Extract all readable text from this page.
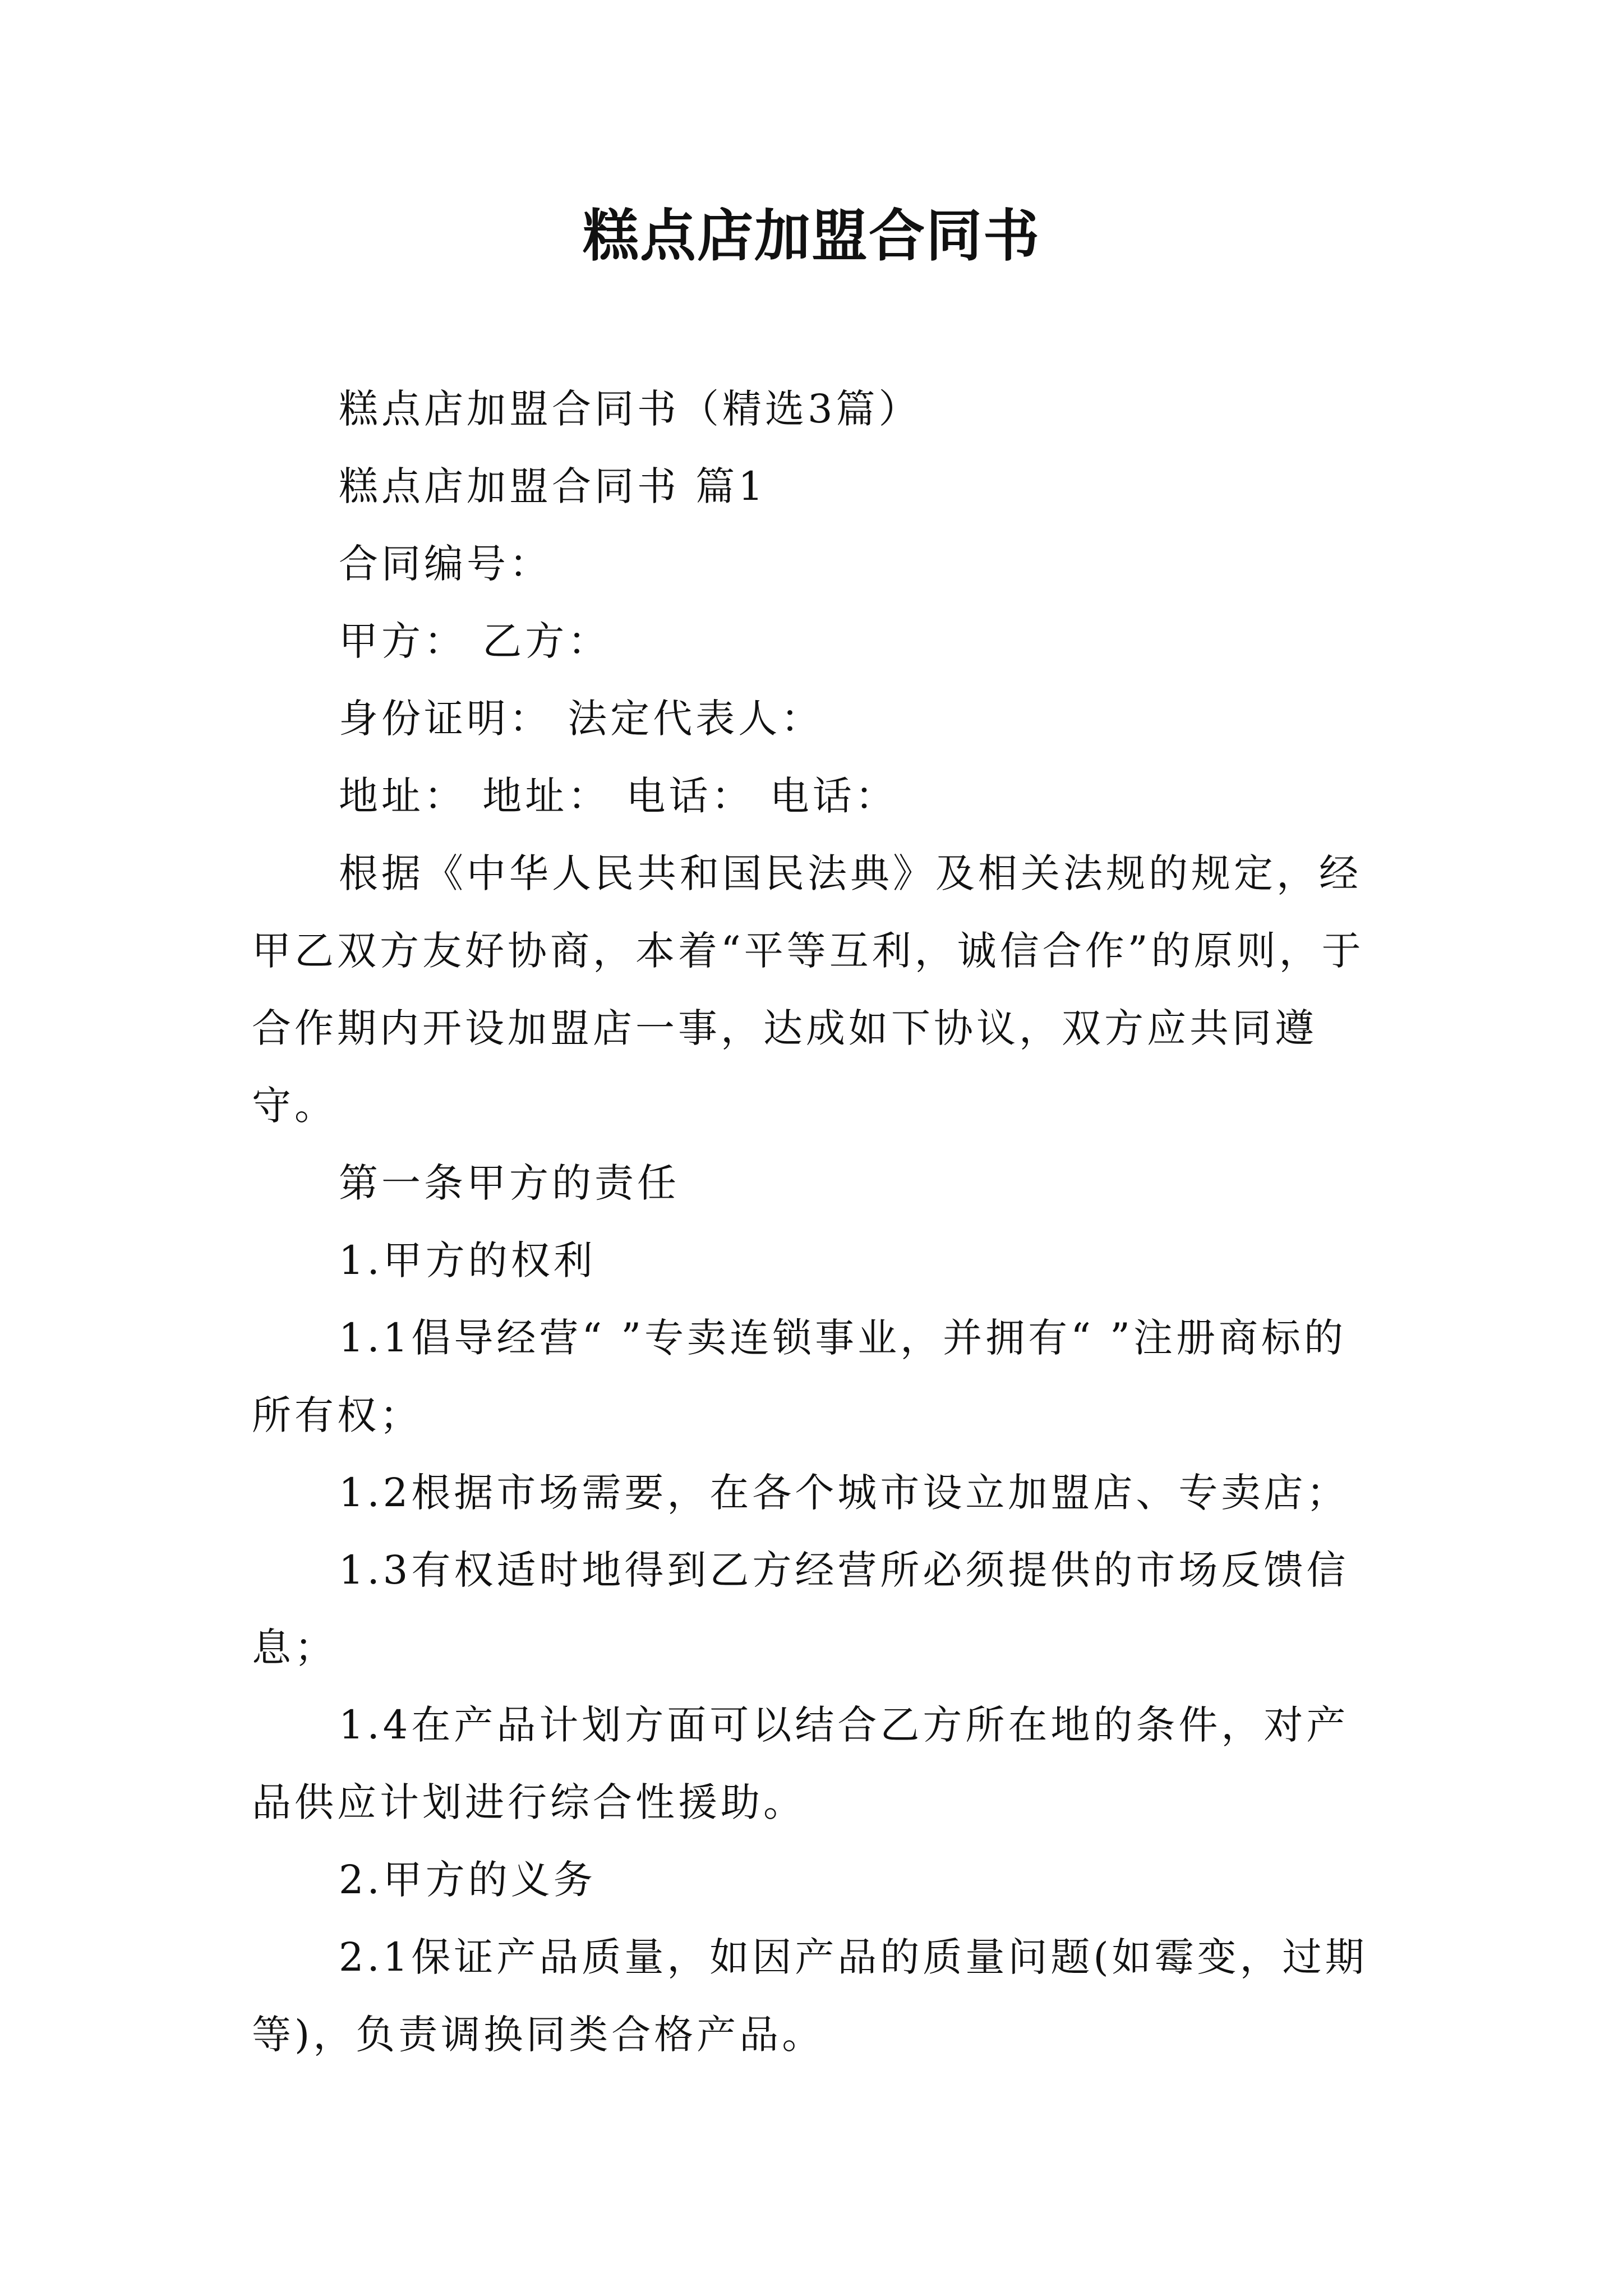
糕点店加盟合同书

糕点店加盟合同书（精选3篇）

糕点店加盟合同书 篇1

合同编号：

甲方： 乙方：

身份证明： 法定代表人：

地址： 地址： 电话： 电话：

根据《中华人民共和国民法典》及相关法规的规定，经甲乙双方友好协商，本着“平等互利，诚信合作”的原则，于合作期内开设加盟店一事，达成如下协议，双方应共同遵守。

第一条甲方的责任

1.甲方的权利

1.1倡导经营“ ”专卖连锁事业，并拥有“ ”注册商标的所有权；

1.2根据市场需要，在各个城市设立加盟店、专卖店；

1.3有权适时地得到乙方经营所必须提供的市场反馈信息；

1.4在产品计划方面可以结合乙方所在地的条件，对产品供应计划进行综合性援助。

2.甲方的义务

2.1保证产品质量，如因产品的质量问题(如霉变，过期等)，负责调换同类合格产品。
